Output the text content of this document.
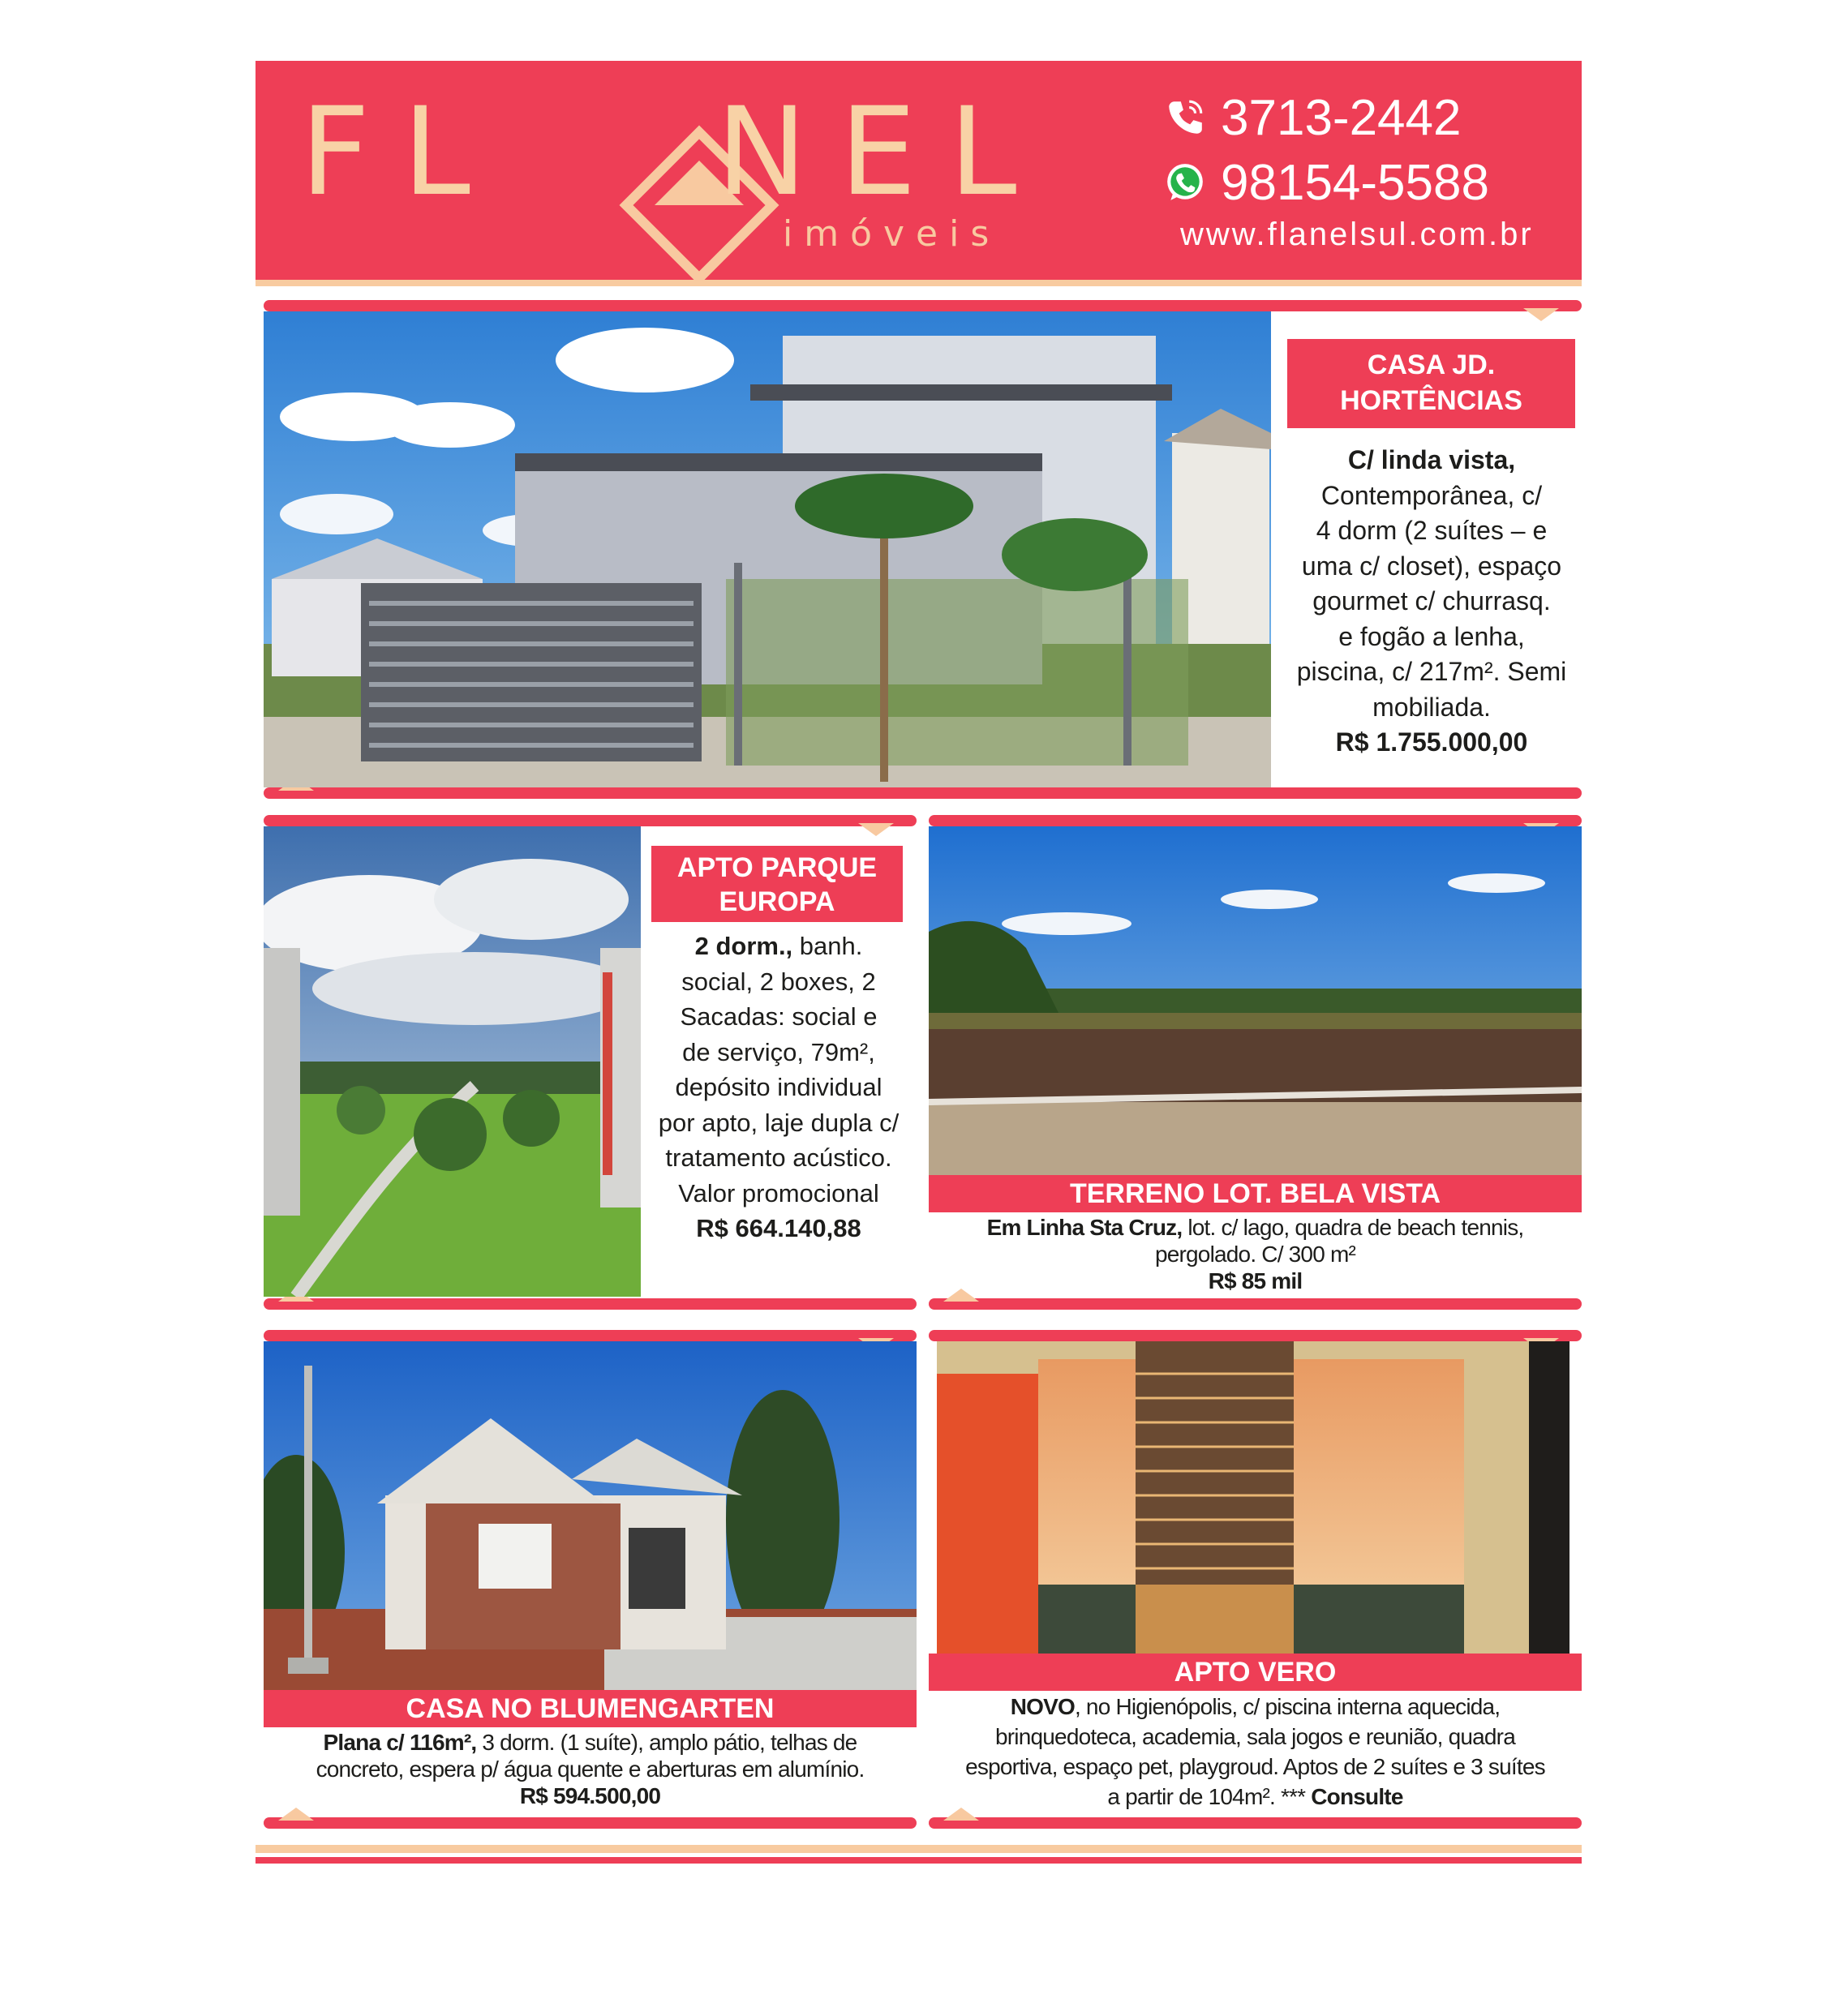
FL   NEL
imóveis
3713-2442
98154-5588
www.flanelsul.com.br
CASA JD.
HORTÊNCIAS
C/ linda vista,
Contemporânea, c/
4 dorm (2 suítes – e
uma c/ closet), espaço
gourmet c/ churrasq.
e fogão a lenha,
piscina, c/ 217m². Semi
mobiliada.
R$ 1.755.000,00
APTO PARQUE
EUROPA
2 dorm., banh.
social, 2 boxes, 2
Sacadas: social e
de serviço, 79m²,
depósito individual
por apto, laje dupla c/
tratamento acústico.
Valor promocional
R$ 664.140,88
TERRENO LOT. BELA VISTA
Em Linha Sta Cruz, lot. c/ lago, quadra de beach tennis,
pergolado. C/ 300 m²
R$ 85 mil
CASA NO BLUMENGARTEN
Plana c/ 116m², 3 dorm. (1 suíte), amplo pátio, telhas de
concreto, espera p/ água quente e aberturas em alumínio.
R$ 594.500,00
APTO VERO
NOVO, no Higienópolis, c/ piscina interna aquecida,
brinquedoteca, academia, sala jogos e reunião, quadra
esportiva, espaço pet, playgroud. Aptos de 2 suítes e 3 suítes
a partir de 104m². *** Consulte
